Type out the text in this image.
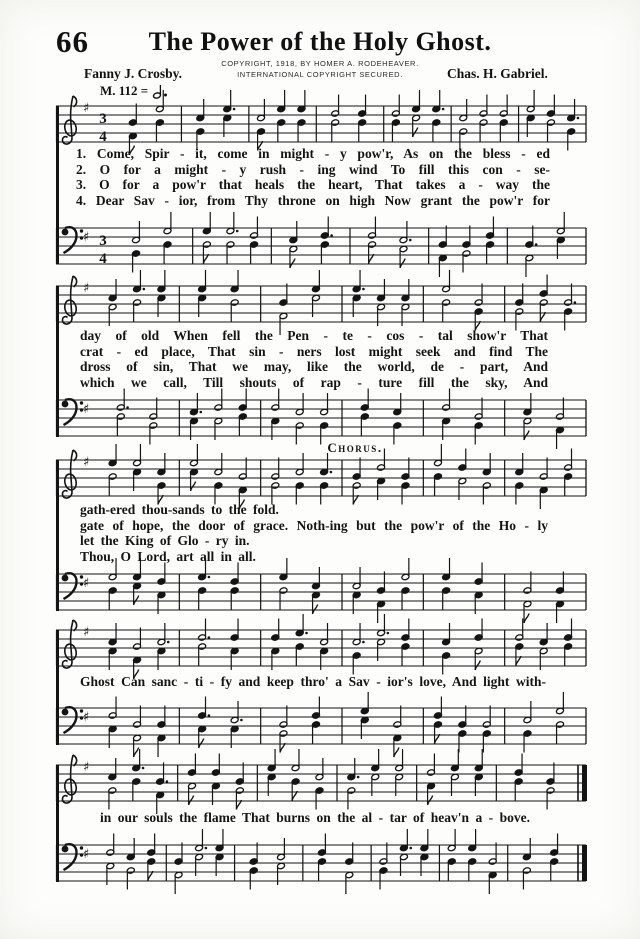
66	The Power of the Holy Ghost.
COPYRIGHT, 1918, BY HOMER A. RODEHEAVER.
INTERNATIONAL COPYRIGHT SECURED.
Fanny J. Crosby.	Chas. H. Gabriel.
M. 112 =
♯
3
4
1. Come, Spir - it, come in might - y pow'r, As on the bless - ed
2. O for a might - y rush - ing wind To fill this con - se-
3. O for a pow'r that heals the heart, That takes a - way the
4. Dear Sav - ior, from Thy throne on high Now grant the pow'r for
♯ 3
4
♯
day of old When fell the Pen - te - cos - tal show'r That
crat - ed place, That sin - ners lost might seek and find The
dross of sin, That we may, like the world, de - part, And
which we call, Till shouts of rap - ture fill the sky, And
♯
Chorus.
♯
gath-ered thou-sands to the fold.
gate of hope, the door of grace. Noth-ing but the pow'r of the Ho - ly
let the King of Glo - ry in.
Thou, O Lord, art all in all.
♯
♯
Ghost Can sanc - ti - fy and keep thro' a Sav - ior's love, And light with-
♯
♯
in our souls the flame That burns on the al - tar of heav'n a - bove.
♯
